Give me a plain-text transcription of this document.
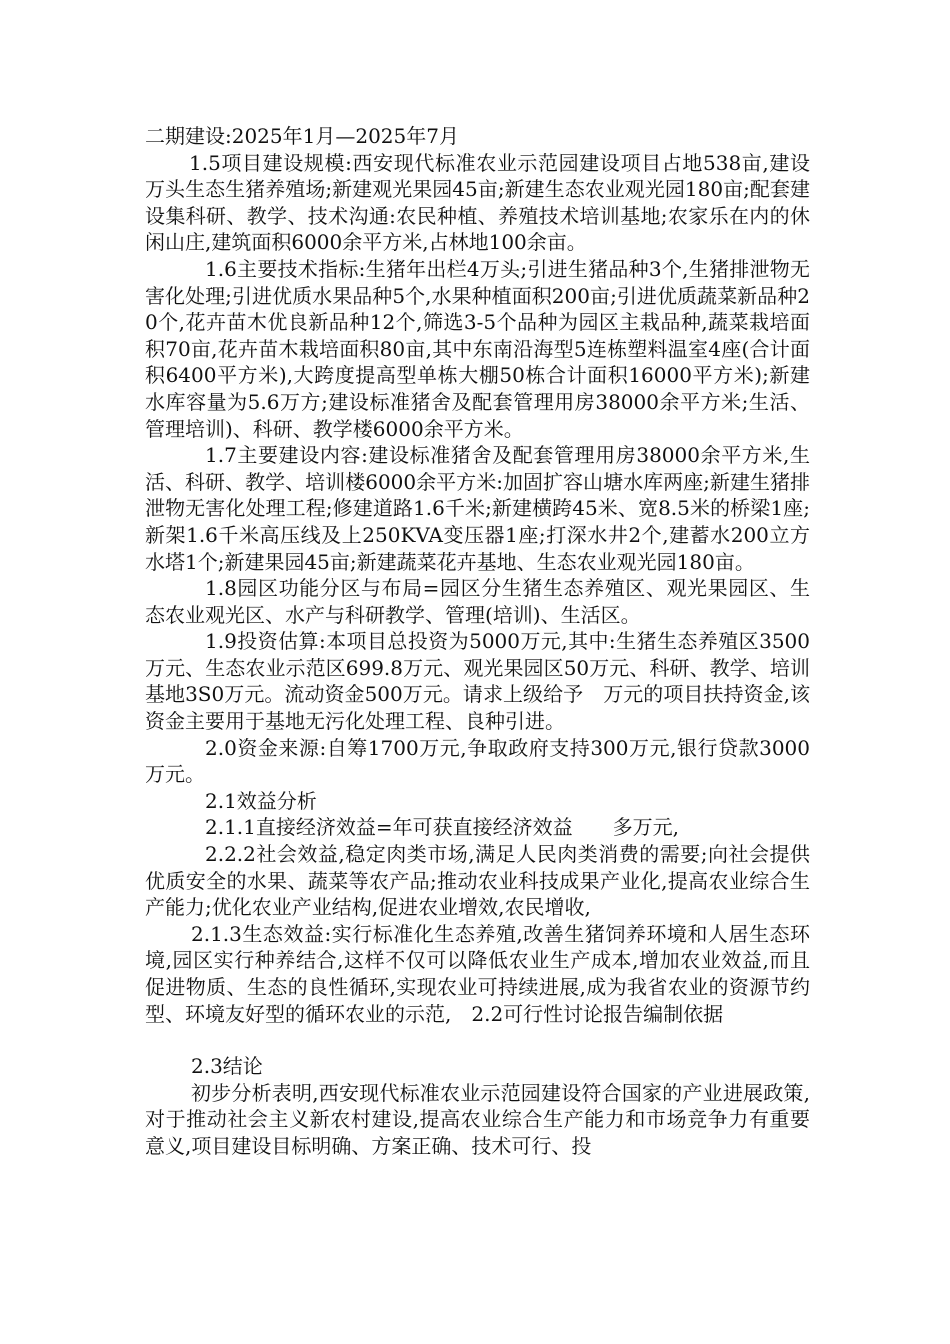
二期建设:2025年1月—2025年7月

1.5项目建设规模:西安现代标准农业示范园建设项目占地538亩,建设万头生态生猪养殖场;新建观光果园45亩;新建生态农业观光园180亩;配套建设集科研、教学、技术沟通:农民种植、养殖技术培训基地;农家乐在内的休闲山庄,建筑面积6000余平方米,占林地100余亩。

1.6主要技术指标:生猪年出栏4万头;引进生猪品种3个,生猪排泄物无害化处理;引进优质水果品种5个,水果种植面积200亩;引进优质蔬菜新品种20个,花卉苗木优良新品种12个,筛选3-5个品种为园区主栽品种,蔬菜栽培面积70亩,花卉苗木栽培面积80亩,其中东南沿海型5连栋塑料温室4座(合计面积6400平方米),大跨度提高型单栋大棚50栋合计面积16000平方米);新建水库容量为5.6万方;建设标准猪舍及配套管理用房38000余平方米;生活、管理培训)、科研、教学楼6000余平方米。

1.7主要建设内容:建设标准猪舍及配套管理用房38000余平方米,生活、科研、教学、培训楼6000余平方米:加固扩容山塘水库两座;新建生猪排泄物无害化处理工程;修建道路1.6千米;新建横跨45米、宽8.5米的桥梁1座;新架1.6千米高压线及上250KVA变压器1座;打深水井2个,建蓄水200立方水塔1个;新建果园45亩;新建蔬菜花卉基地、生态农业观光园180亩。

1.8园区功能分区与布局=园区分生猪生态养殖区、观光果园区、生态农业观光区、水产与科研教学、管理(培训)、生活区。

1.9投资估算:本项目总投资为5000万元,其中:生猪生态养殖区3500万元、生态农业示范区699.8万元、观光果园区50万元、科研、教学、培训基地3S0万元。流动资金500万元。请求上级给予　万元的项目扶持资金,该资金主要用于基地无污化处理工程、良种引进。

2.0资金来源:自筹1700万元,争取政府支持300万元,银行贷款3000万元。

2.1效益分析

2.1.1直接经济效益=年可获直接经济效益　　多万元,

2.2.2社会效益,稳定肉类市场,满足人民肉类消费的需要;向社会提供优质安全的水果、蔬菜等农产品;推动农业科技成果产业化,提高农业综合生产能力;优化农业产业结构,促进农业增效,农民增收,

2.1.3生态效益:实行标准化生态养殖,改善生猪饲养环境和人居生态环境,园区实行种养结合,这样不仅可以降低农业生产成本,增加农业效益,而且促进物质、生态的良性循环,实现农业可持续进展,成为我省农业的资源节约型、环境友好型的循环农业的示范,　2.2可行性讨论报告编制依据

2.3结论

初步分析表明,西安现代标准农业示范园建设符合国家的产业进展政策,对于推动社会主义新农村建设,提高农业综合生产能力和市场竞争力有重要意义,项目建设目标明确、方案正确、技术可行、投
